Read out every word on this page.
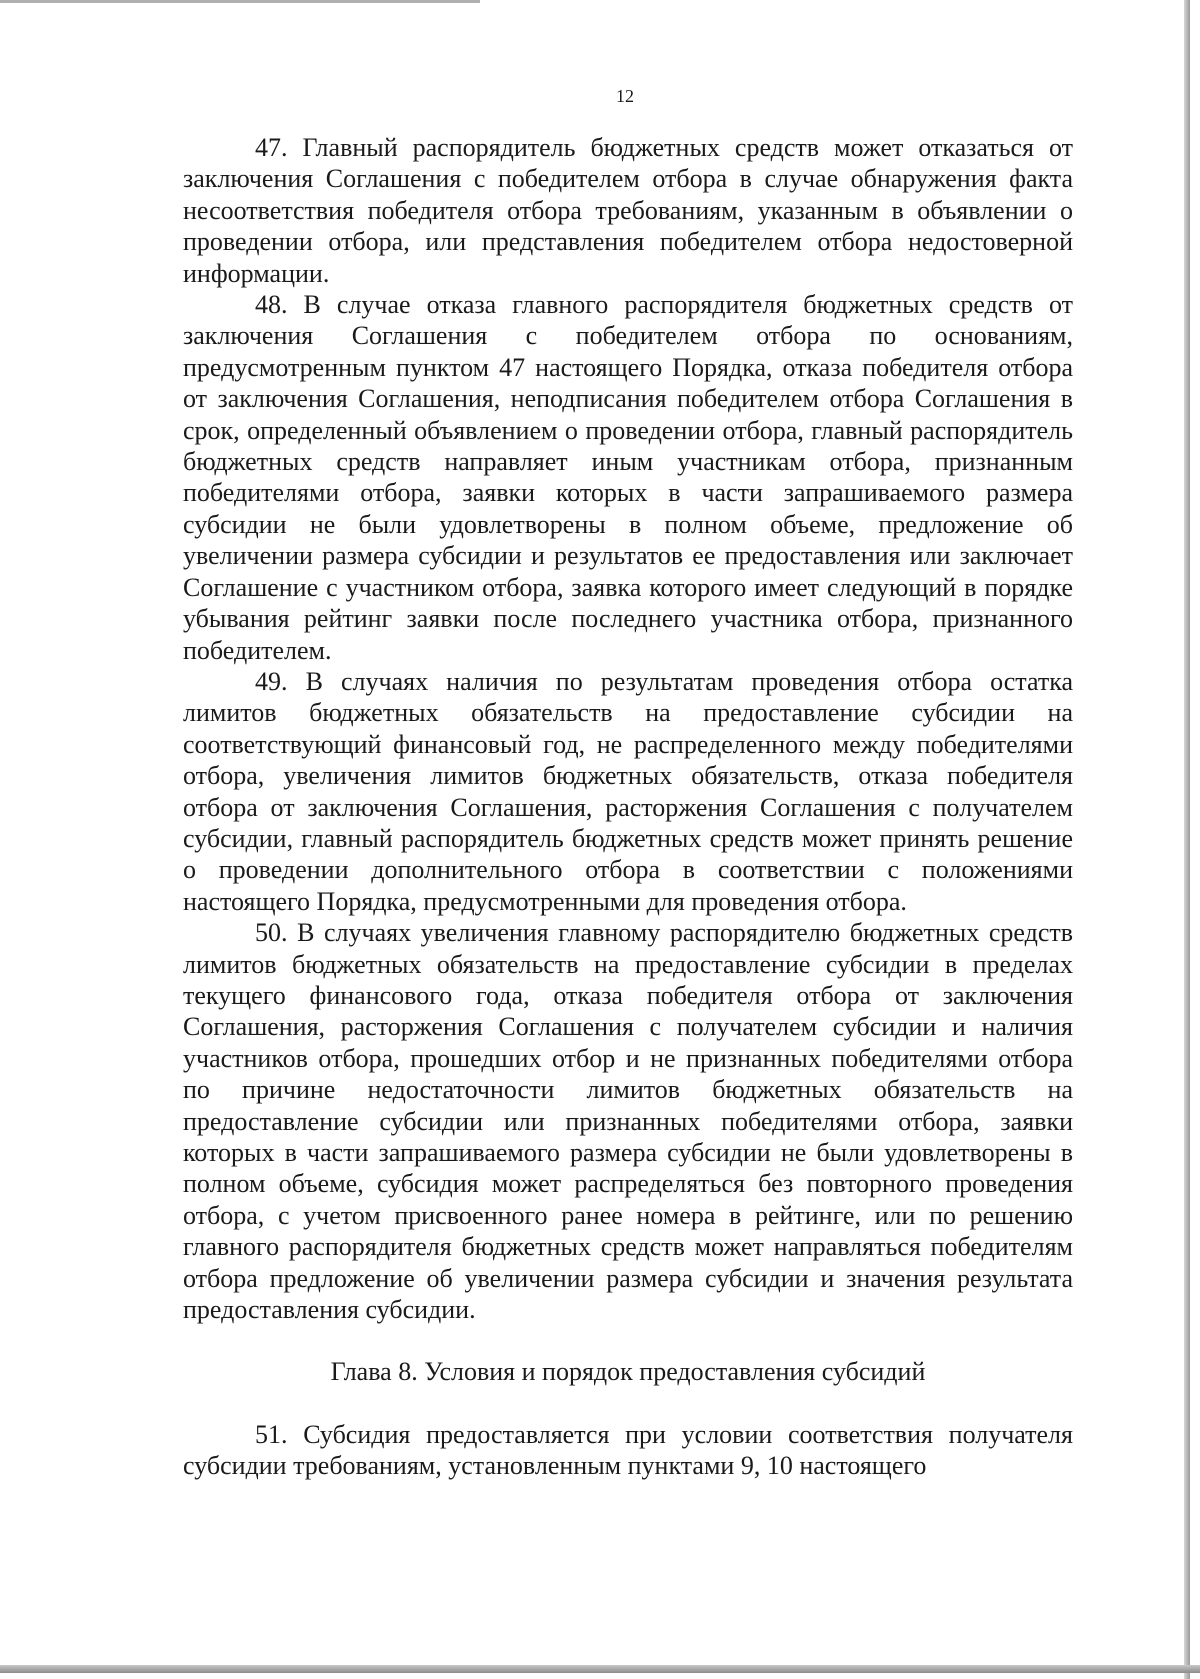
12

47. Главный распорядитель бюджетных средств может отказаться от заключения Соглашения с победителем отбора в случае обнаружения факта несоответствия победителя отбора требованиям, указанным в объявлении о проведении отбора, или представления победителем отбора недостоверной информации.

48. В случае отказа главного распорядителя бюджетных средств от заключения Соглашения с победителем отбора по основаниям, предусмотренным пунктом 47 настоящего Порядка, отказа победителя отбора от заключения Соглашения, неподписания победителем отбора Соглашения в срок, определенный объявлением о проведении отбора, главный распорядитель бюджетных средств направляет иным участникам отбора, признанным победителями отбора, заявки которых в части запрашиваемого размера субсидии не были удовлетворены в полном объеме, предложение об увеличении размера субсидии и результатов ее предоставления или заключает Соглашение с участником отбора, заявка которого имеет следующий в порядке убывания рейтинг заявки после последнего участника отбора, признанного победителем.

49. В случаях наличия по результатам проведения отбора остатка лимитов бюджетных обязательств на предоставление субсидии на соответствующий финансовый год, не распределенного между победителями отбора, увеличения лимитов бюджетных обязательств, отказа победителя отбора от заключения Соглашения, расторжения Соглашения с получателем субсидии, главный распорядитель бюджетных средств может принять решение о проведении дополнительного отбора в соответствии с положениями настоящего Порядка, предусмотренными для проведения отбора.

50. В случаях увеличения главному распорядителю бюджетных средств лимитов бюджетных обязательств на предоставление субсидии в пределах текущего финансового года, отказа победителя отбора от заключения Соглашения, расторжения Соглашения с получателем субсидии и наличия участников отбора, прошедших отбор и не признанных победителями отбора по причине недостаточности лимитов бюджетных обязательств на предоставление субсидии или признанных победителями отбора, заявки которых в части запрашиваемого размера субсидии не были удовлетворены в полном объеме, субсидия может распределяться без повторного проведения отбора, с учетом присвоенного ранее номера в рейтинге, или по решению главного распорядителя бюджетных средств может направляться победителям отбора предложение об увеличении размера субсидии и значения результата предоставления субсидии.

Глава 8. Условия и порядок предоставления субсидий

51. Субсидия предоставляется при условии соответствия получателя субсидии требованиям, установленным пунктами 9, 10 настоящего
